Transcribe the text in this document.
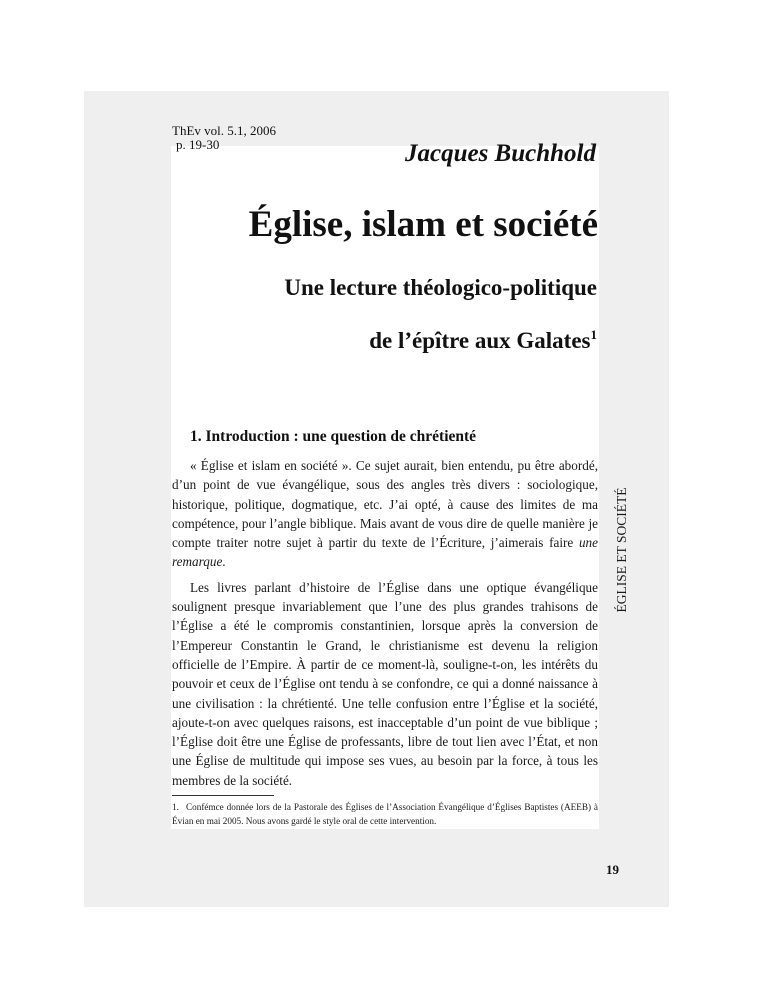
ThEv vol. 5.1, 2006
p. 19-30	Jacques Buchhold
Église, islam et société
Une lecture théologico-politique
de l’épître aux Galates$^1$
1. Introduction : une question de chrétienté

« Église et islam en société ». Ce sujet aurait, bien entendu, pu être abordé, d’un point de vue évangélique, sous des angles très divers : sociologique, historique, politique, dogmatique, etc. J’ai opté, à cause des limites de ma compétence, pour l’angle biblique. Mais avant de vous dire de quelle manière je compte traiter notre sujet à partir du texte de l’Écriture, j’aimerais faire une remarque.

Les livres parlant d’histoire de l’Église dans une optique évangélique soulignent presque invariablement que l’une des plus grandes trahisons de l’Église a été le compromis constantinien, lorsque après la conversion de l’Empereur Constantin le Grand, le christianisme est devenu la religion officielle de l’Empire. À partir de ce moment-là, souligne-t-on, les intérêts du pouvoir et ceux de l’Église ont tendu à se confondre, ce qui a donné naissance à une civilisation : la chrétienté. Une telle confusion entre l’Église et la société, ajoute-t-on avec quelques raisons, est inacceptable d’un point de vue biblique ; l’Église doit être une Église de professants, libre de tout lien avec l’État, et non une Église de multitude qui impose ses vues, au besoin par la force, à tous les membres de la société.

ÉGLISE ET SOCIÉTÉ
1. Confémce donnée lors de la Pastorale des Églises de l’Association Évangélique d’Églises Baptistes (AEEB) à Évian en mai 2005. Nous avons gardé le style oral de cette intervention.
19
